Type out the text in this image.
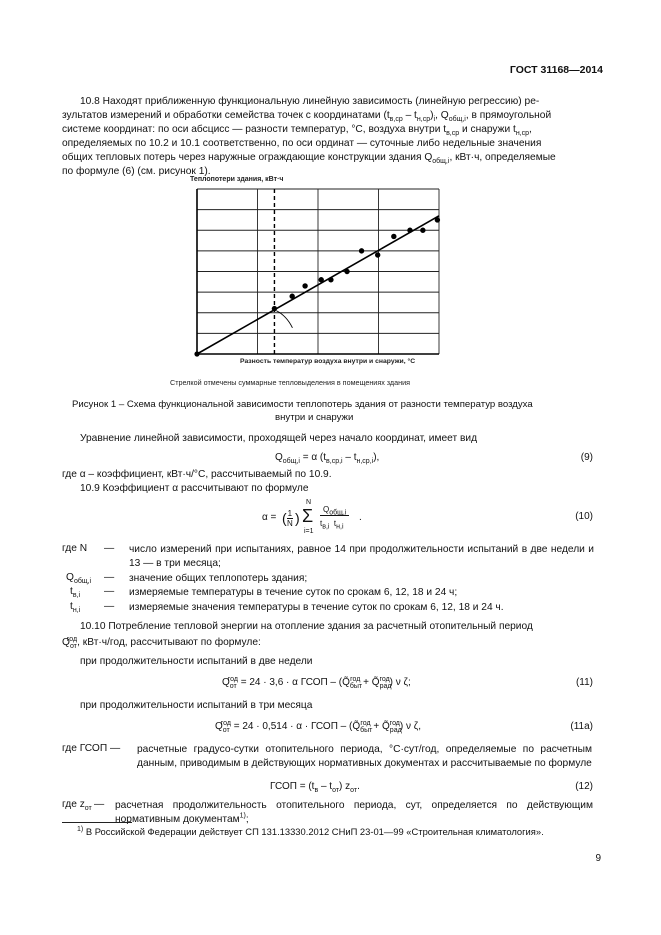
ГОСТ 31168—2014
10.8 Находят приближенную функциональную линейную зависимость (линейную регрессию) ре-
зультатов измерений и обработки семейства точек с координатами $(t_{в,ср} - t_{н,ср})_i$, $Q_{общ,i}$, в прямоугольной
системе координат: по оси абсцисс — разности температур, °С, воздуха внутри $t_{в,ср}$ и снаружи $t_{н,ср}$,
определяемых по 10.2 и 10.1 соответственно, по оси ординат — суточные либо недельные значения
общих тепловых потерь через наружные ограждающие конструкции здания $Q_{общ,i}$, кВт·ч, определяемые
по формуле (6) (см. рисунок 1).
Теплопотери здания, кВт·ч
Разность температур воздуха внутри и снаружи, °С
Стрелкой отмечены суммарные тепловыделения в помещениях здания
Рисунок 1 – Схема функциональной зависимости теплопотерь здания от разности температур воздуха
внутри и снаружи
Уравнение линейной зависимости, проходящей через начало координат, имеет вид
$Q_{общ,i} = \alpha$ $(t_{в,ср,i} - t_{н,ср,i})$,	(9)
где α – коэффициент, кВт·ч/°С, рассчитываемый по 10.9.
10.9 Коэффициент α рассчитывают по формуле
α = ( $\frac{1}{N}$ )
N
Σ
i=1
$Q_{общ,i}$
$t_{в,i}$ $t_{н,i}$
.	(10)
где N — число измерений при испытаниях, равное 14 при продолжительности испытаний в две недели и 13 — в три месяца;
$Q_{общ,i}$ — значение общих теплопотерь здания;
$t_{в,i}$ — измеряемые температуры в течение суток по срокам 6, 12, 18 и 24 ч;
$t_{н,i}$ — измеряемые значения температуры в течение суток по срокам 6, 12, 18 и 24 ч.
10.10 Потребление тепловой энергии на отопление здания за расчетный отопительный период
$Q_{от}^{год}$, кВт·ч/год, рассчитывают по формуле:
при продолжительности испытаний в две недели
$Q_{от}^{год} = 24 \cdot 3,6 \cdot \alpha$ ГСОП – ($Q̃_{быт}^{год}$ + $Q̃_{рад}^{год}$) ν ζ;	(11)
при продолжительности испытаний в три месяца
$Q_{от}^{год} = 24 \cdot 0,514 \cdot \alpha$ · ГСОП – ($Q̃_{быт}^{год}$ + $Q̃_{рад}^{год}$) ν ζ,	(11а)
где ГСОП — расчетные градусо-сутки отопительного периода, °С·сут/год, определяемые по расчетным данным, приводимым в действующих нормативных документах и рассчитываемые по формуле
ГСОП = $(t_в - t_{от})$ $z_{от}$.	(12)
где $z_{от}$ — расчетная продолжительность отопительного периода, сут, определяется по действующим нормативным документам$^{1)}$;
$^{1)}$ В Российской Федерации действует СП 131.13330.2012 СНиП 23-01—99 «Строительная климатология».
9
